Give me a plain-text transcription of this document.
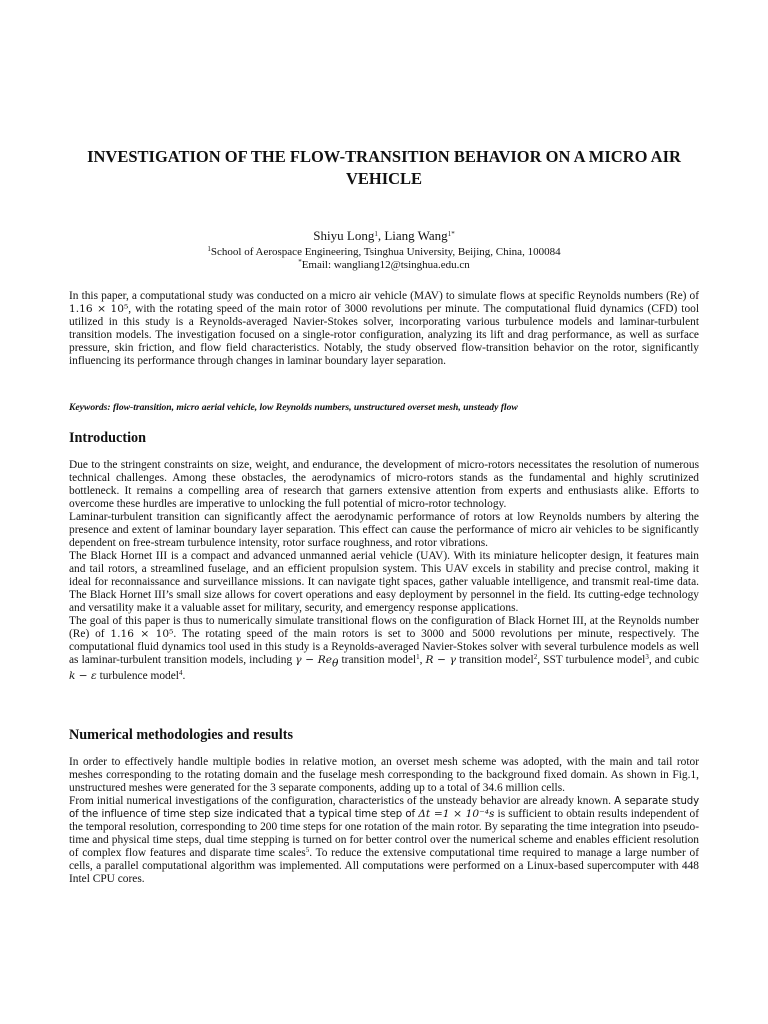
INVESTIGATION OF THE FLOW-TRANSITION BEHAVIOR ON A MICRO AIR VEHICLE
Shiyu Long$^1$, Liang Wang$^{1*}$
$^1$School of Aerospace Engineering, Tsinghua University, Beijing, China, 100084
*Email: wangliang12@tsinghua.edu.cn

In this paper, a computational study was conducted on a micro air vehicle (MAV) to simulate flows at specific Reynolds numbers (Re) of 1.16 × 10⁵, with the rotating speed of the main rotor of 3000 revolutions per minute. The computational fluid dynamics (CFD) tool utilized in this study is a Reynolds-averaged Navier-Stokes solver, incorporating various turbulence models and laminar-turbulent transition models. The investigation focused on a single-rotor configuration, analyzing its lift and drag performance, as well as surface pressure, skin friction, and flow field characteristics. Notably, the study observed flow-transition behavior on the rotor, significantly influencing its performance through changes in laminar boundary layer separation.

Keywords: flow-transition, micro aerial vehicle, low Reynolds numbers, unstructured overset mesh, unsteady flow
Introduction

Due to the stringent constraints on size, weight, and endurance, the development of micro-rotors necessitates the resolution of numerous technical challenges. Among these obstacles, the aerodynamics of micro-rotors stands as the fundamental and highly scrutinized bottleneck. It remains a compelling area of research that garners extensive attention from experts and enthusiasts alike. Efforts to overcome these hurdles are imperative to unlocking the full potential of micro-rotor technology.

Laminar-turbulent transition can significantly affect the aerodynamic performance of rotors at low Reynolds numbers by altering the presence and extent of laminar boundary layer separation. This effect can cause the performance of micro air vehicles to be significantly dependent on free-stream turbulence intensity, rotor surface roughness, and rotor vibrations.

The Black Hornet III is a compact and advanced unmanned aerial vehicle (UAV). With its miniature helicopter design, it features main and tail rotors, a streamlined fuselage, and an efficient propulsion system. This UAV excels in stability and precise control, making it ideal for reconnaissance and surveillance missions. It can navigate tight spaces, gather valuable intelligence, and transmit real-time data. The Black Hornet III’s small size allows for covert operations and easy deployment by personnel in the field. Its cutting-edge technology and versatility make it a valuable asset for military, security, and emergency response applications.

The goal of this paper is thus to numerically simulate transitional flows on the configuration of Black Hornet III, at the Reynolds number (Re) of 1.16 × 10⁵. The rotating speed of the main rotors is set to 3000 and 5000 revolutions per minute, respectively. The computational fluid dynamics tool used in this study is a Reynolds-averaged Navier-Stokes solver with several turbulence models as well as laminar-turbulent transition models, including $\gamma - Re_\theta$ transition model$^1$, R − γ transition model$^2$, SST turbulence model$^3$, and cubic k − ε turbulence model$^4$.

Numerical methodologies and results

In order to effectively handle multiple bodies in relative motion, an overset mesh scheme was adopted, with the main and tail rotor meshes corresponding to the rotating domain and the fuselage mesh corresponding to the background fixed domain. As shown in Fig.1, unstructured meshes were generated for the 3 separate components, adding up to a total of 34.6 million cells.

From initial numerical investigations of the configuration, characteristics of the unsteady behavior are already known. A separate study of the influence of time step size indicated that a typical time step of Δt =1 × 10⁻⁴s is sufficient to obtain results independent of the temporal resolution, corresponding to 200 time steps for one rotation of the main rotor. By separating the time integration into pseudo-time and physical time steps, dual time stepping is turned on for better control over the numerical scheme and enables efficient resolution of complex flow features and disparate time scales$^5$. To reduce the extensive computational time required to manage a large number of cells, a parallel computational algorithm was implemented. All computations were performed on a Linux-based supercomputer with 448 Intel CPU cores.
